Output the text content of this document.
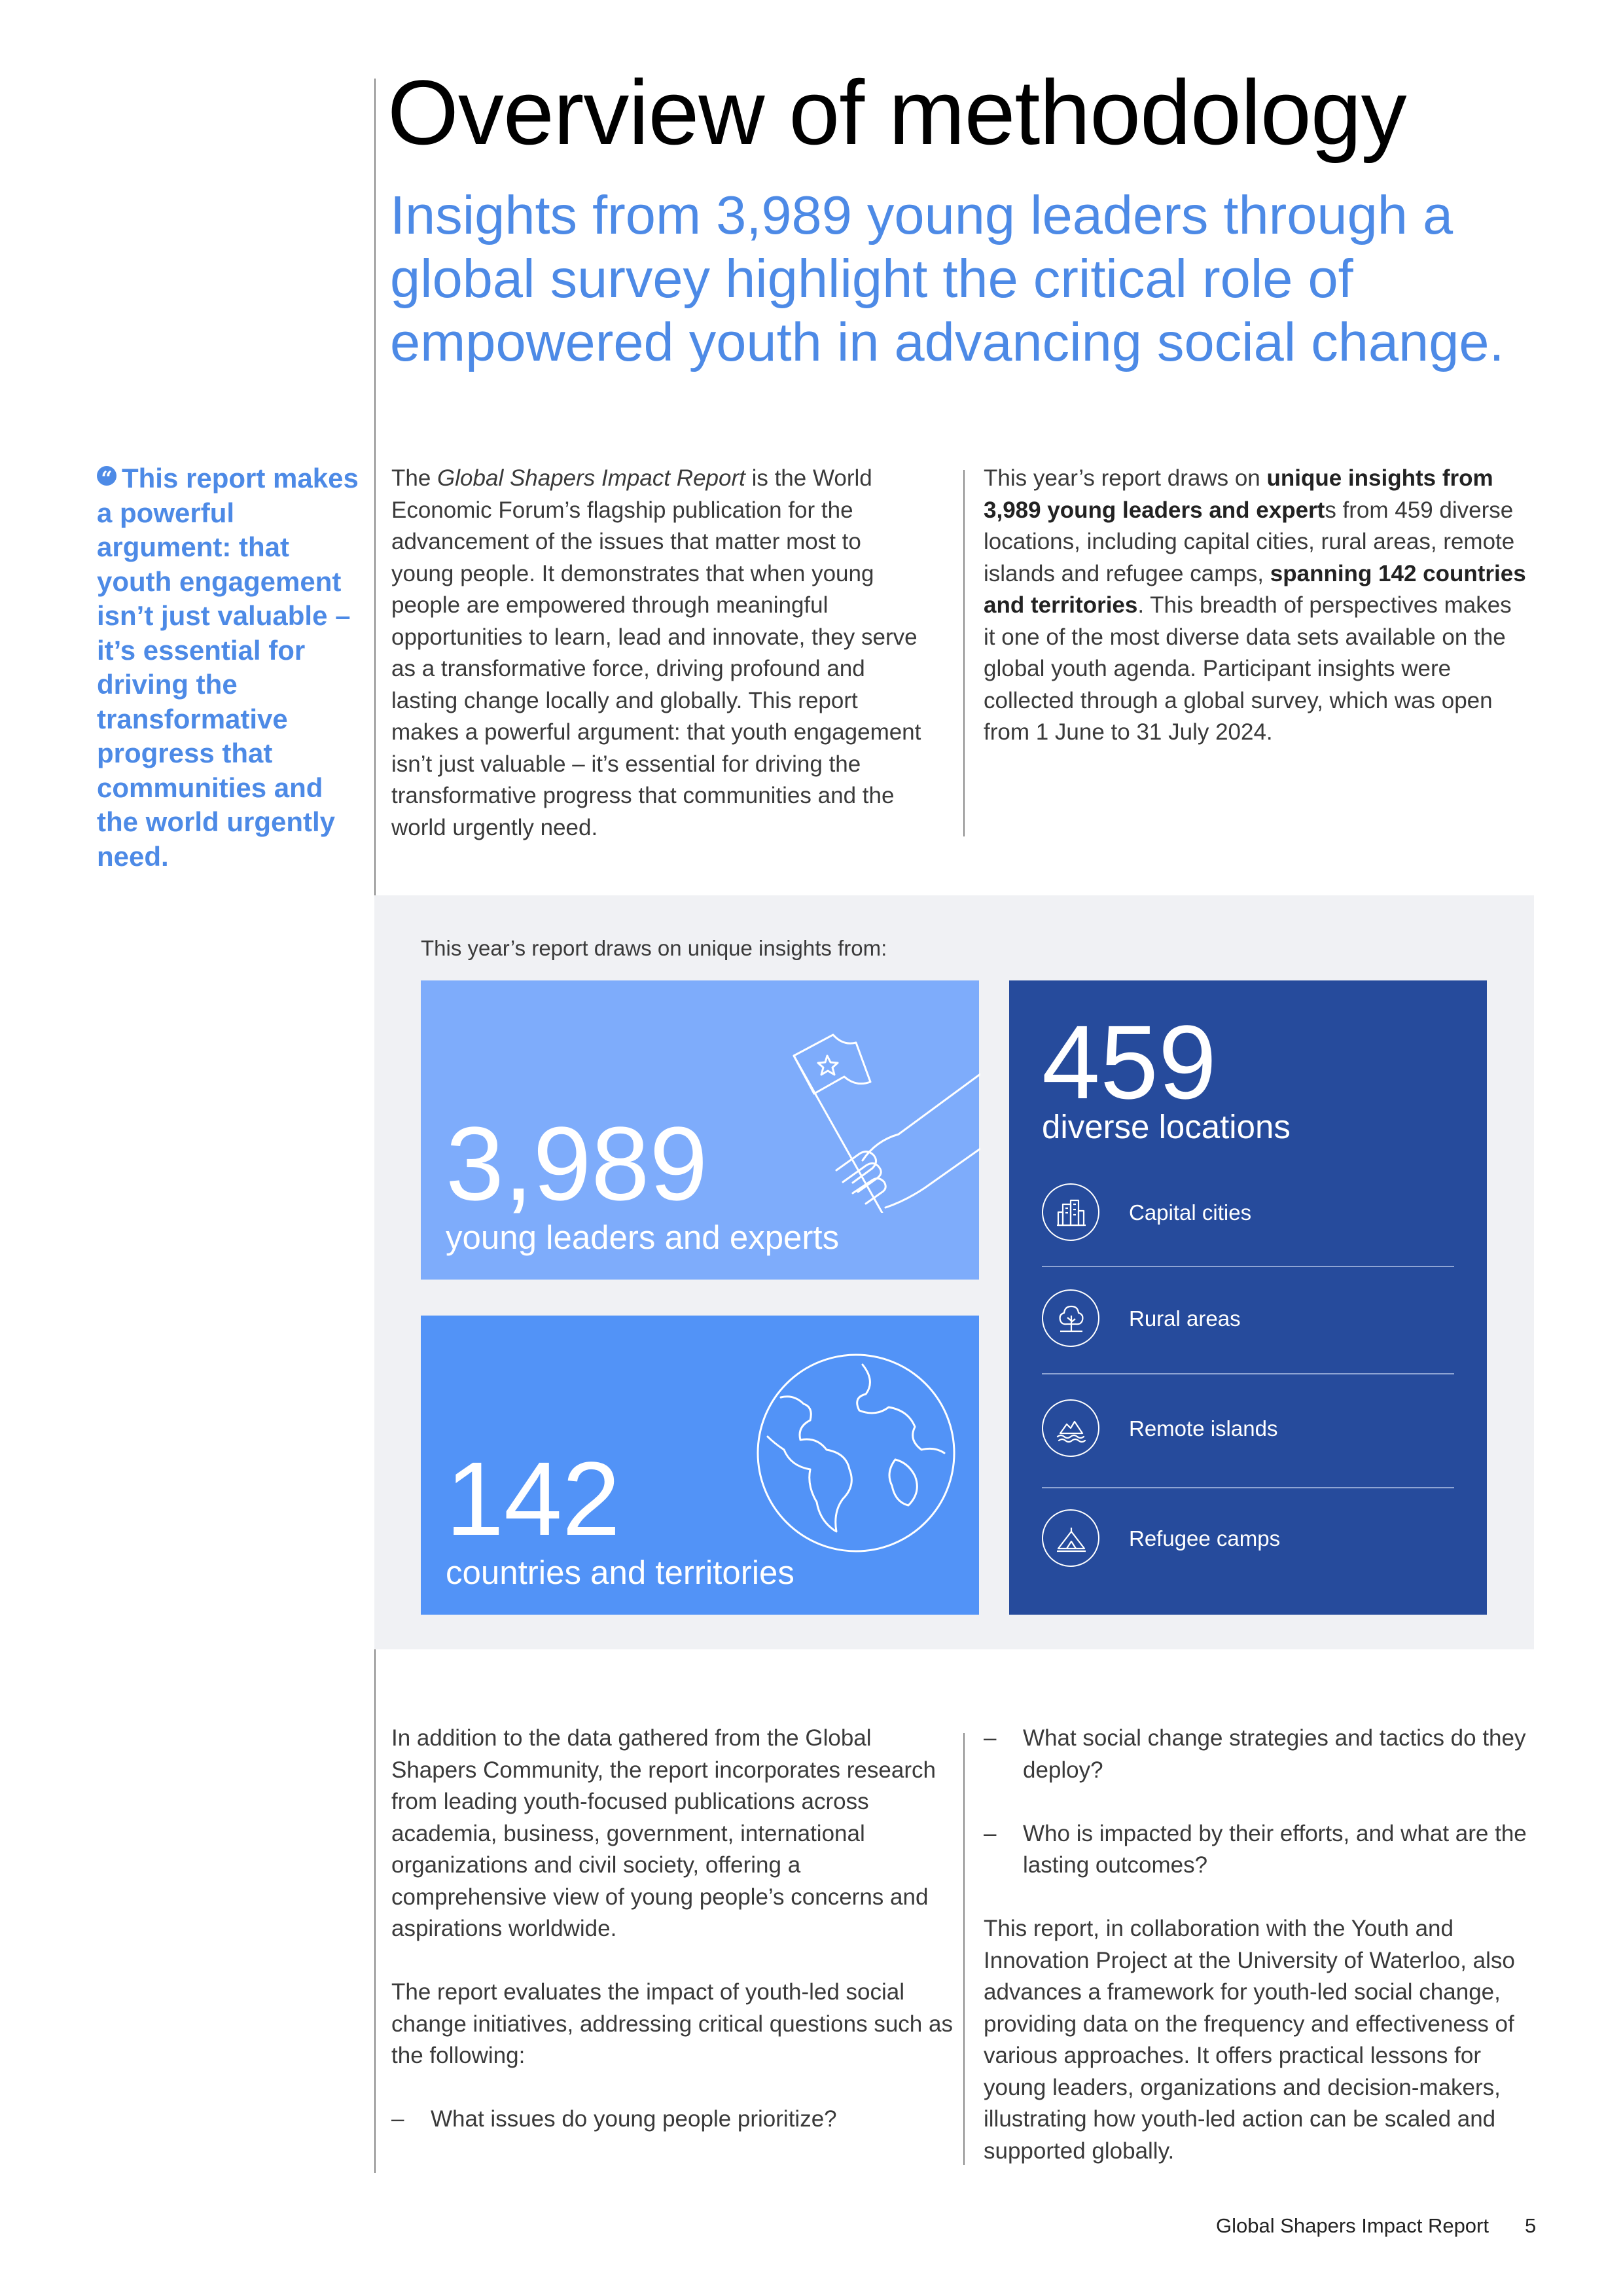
Overview of methodology

Insights from 3,989 young leaders through a global survey highlight the critical role of empowered youth in advancing social change.

“ This report makes a powerful argument: that youth engagement isn’t just valuable – it’s essential for driving the transformative progress that communities and the world urgently need.

The Global Shapers Impact Report is the World Economic Forum’s flagship publication for the advancement of the issues that matter most to young people. It demonstrates that when young people are empowered through meaningful opportunities to learn, lead and innovate, they serve as a transformative force, driving profound and lasting change locally and globally. This report makes a powerful argument: that youth engagement isn’t just valuable – it’s essential for driving the transformative progress that communities and the world urgently need.

This year’s report draws on unique insights from 3,989 young leaders and experts from 459 diverse locations, including capital cities, rural areas, remote islands and refugee camps, spanning 142 countries and territories. This breadth of perspectives makes it one of the most diverse data sets available on the global youth agenda. Participant insights were collected through a global survey, which was open from 1 June to 31 July 2024.

This year’s report draws on unique insights from:
3,989
young leaders and experts
142
countries and territories
459
diverse locations
Capital cities
Rural areas
Remote islands
Refugee camps

In addition to the data gathered from the Global Shapers Community, the report incorporates research from leading youth-focused publications across academia, business, government, international organizations and civil society, offering a comprehensive view of young people’s concerns and aspirations worldwide.

The report evaluates the impact of youth-led social change initiatives, addressing critical questions such as the following:

– What issues do young people prioritize?

– What social change strategies and tactics do they deploy?

– Who is impacted by their efforts, and what are the lasting outcomes?

This report, in collaboration with the Youth and Innovation Project at the University of Waterloo, also advances a framework for youth-led social change, providing data on the frequency and effectiveness of various approaches. It offers practical lessons for young leaders, organizations and decision-makers, illustrating how youth-led action can be scaled and supported globally.

Global Shapers Impact Report 5
